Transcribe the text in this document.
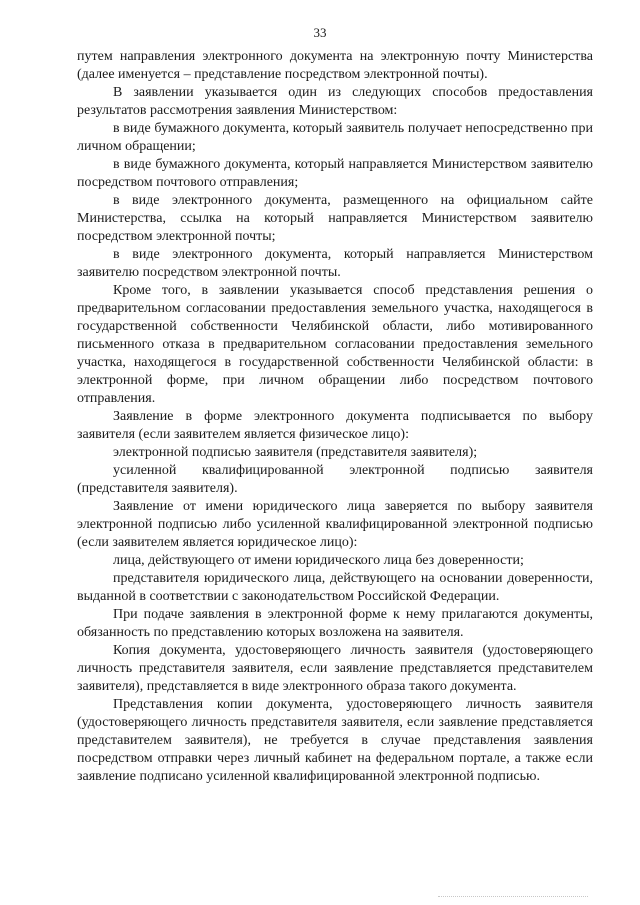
33

путем направления электронного документа на электронную почту Министерства (далее именуется – представление посредством электронной почты).

В заявлении указывается один из следующих способов предоставления результатов рассмотрения заявления Министерством:

в виде бумажного документа, который заявитель получает непосредственно при личном обращении;

в виде бумажного документа, который направляется Министерством заявителю посредством почтового отправления;

в виде электронного документа, размещенного на официальном сайте Министерства, ссылка на который направляется Министерством заявителю посредством электронной почты;

в виде электронного документа, который направляется Министерством заявителю посредством электронной почты.

Кроме того, в заявлении указывается способ представления решения о предварительном согласовании предоставления земельного участка, находящегося в государственной собственности Челябинской области, либо мотивированного письменного отказа в предварительном согласовании предоставления земельного участка, находящегося в государственной собственности Челябинской области: в электронной форме, при личном обращении либо посредством почтового отправления.

Заявление в форме электронного документа подписывается по выбору заявителя (если заявителем является физическое лицо):

электронной подписью заявителя (представителя заявителя);

усиленной квалифицированной электронной подписью заявителя (представителя заявителя).

Заявление от имени юридического лица заверяется по выбору заявителя электронной подписью либо усиленной квалифицированной электронной подписью (если заявителем является юридическое лицо):

лица, действующего от имени юридического лица без доверенности;

представителя юридического лица, действующего на основании доверенности, выданной в соответствии с законодательством Российской Федерации.

При подаче заявления в электронной форме к нему прилагаются документы, обязанность по представлению которых возложена на заявителя.

Копия документа, удостоверяющего личность заявителя (удостоверяющего личность представителя заявителя, если заявление представляется представителем заявителя), представляется в виде электронного образа такого документа.

Представления копии документа, удостоверяющего личность заявителя (удостоверяющего личность представителя заявителя, если заявление представляется представителем заявителя), не требуется в случае представления заявления посредством отправки через личный кабинет на федеральном портале, а также если заявление подписано усиленной квалифицированной электронной подписью.
